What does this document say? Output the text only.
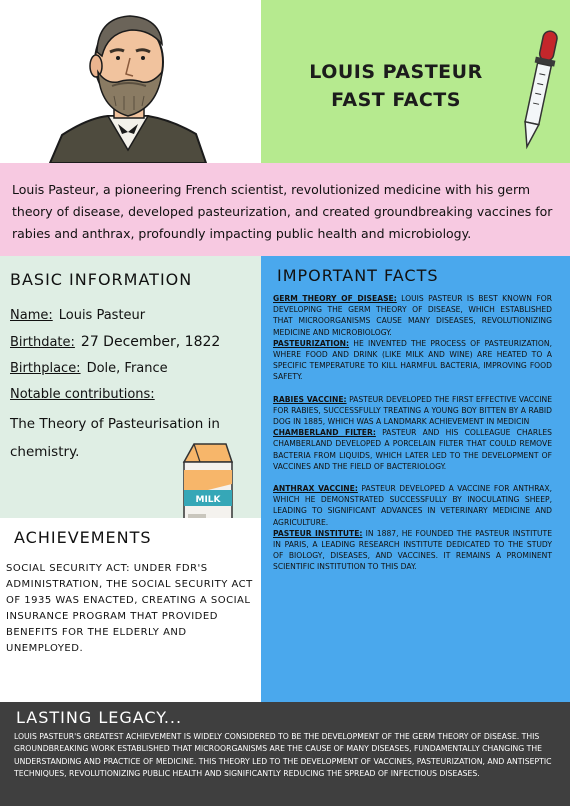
LOUIS PASTEUR
FAST FACTS

Louis Pasteur, a pioneering French scientist, revolutionized medicine with his germ theory of disease, developed pasteurization, and created groundbreaking vaccines for rabies and anthrax, profoundly impacting public health and microbiology.

BASIC INFORMATION
Name: Louis Pasteur
Birthdate: 27 December, 1822
Birthplace: Dole, France
Notable contributions:
The Theory of Pasteurisation in chemistry.
MILK
ACHIEVEMENTS

SOCIAL SECURITY ACT: UNDER FDR'S ADMINISTRATION, THE SOCIAL SECURITY ACT OF 1935 WAS ENACTED, CREATING A SOCIAL INSURANCE PROGRAM THAT PROVIDED BENEFITS FOR THE ELDERLY AND UNEMPLOYED.

IMPORTANT FACTS

GERM THEORY OF DISEASE: LOUIS PASTEUR IS BEST KNOWN FOR DEVELOPING THE GERM THEORY OF DISEASE, WHICH ESTABLISHED THAT MICROORGANISMS CAUSE MANY DISEASES, REVOLUTIONIZING MEDICINE AND MICROBIOLOGY.

PASTEURIZATION: HE INVENTED THE PROCESS OF PASTEURIZATION, WHERE FOOD AND DRINK (LIKE MILK AND WINE) ARE HEATED TO A SPECIFIC TEMPERATURE TO KILL HARMFUL BACTERIA, IMPROVING FOOD SAFETY.

RABIES VACCINE: PASTEUR DEVELOPED THE FIRST EFFECTIVE VACCINE FOR RABIES, SUCCESSFULLY TREATING A YOUNG BOY BITTEN BY A RABID DOG IN 1885, WHICH WAS A LANDMARK ACHIEVEMENT IN MEDICIN

CHAMBERLAND FILTER: PASTEUR AND HIS COLLEAGUE CHARLES CHAMBERLAND DEVELOPED A PORCELAIN FILTER THAT COULD REMOVE BACTERIA FROM LIQUIDS, WHICH LATER LED TO THE DEVELOPMENT OF VACCINES AND THE FIELD OF BACTERIOLOGY.

ANTHRAX VACCINE: PASTEUR DEVELOPED A VACCINE FOR ANTHRAX, WHICH HE DEMONSTRATED SUCCESSFULLY BY INOCULATING SHEEP, LEADING TO SIGNIFICANT ADVANCES IN VETERINARY MEDICINE AND AGRICULTURE.

PASTEUR INSTITUTE: IN 1887, HE FOUNDED THE PASTEUR INSTITUTE IN PARIS, A LEADING RESEARCH INSTITUTE DEDICATED TO THE STUDY OF BIOLOGY, DISEASES, AND VACCINES. IT REMAINS A PROMINENT SCIENTIFIC INSTITUTION TO THIS DAY.

LASTING LEGACY...

LOUIS PASTEUR'S GREATEST ACHIEVEMENT IS WIDELY CONSIDERED TO BE THE DEVELOPMENT OF THE GERM THEORY OF DISEASE. THIS GROUNDBREAKING WORK ESTABLISHED THAT MICROORGANISMS ARE THE CAUSE OF MANY DISEASES, FUNDAMENTALLY CHANGING THE UNDERSTANDING AND PRACTICE OF MEDICINE. THIS THEORY LED TO THE DEVELOPMENT OF VACCINES, PASTEURIZATION, AND ANTISEPTIC TECHNIQUES, REVOLUTIONIZING PUBLIC HEALTH AND SIGNIFICANTLY REDUCING THE SPREAD OF INFECTIOUS DISEASES.
